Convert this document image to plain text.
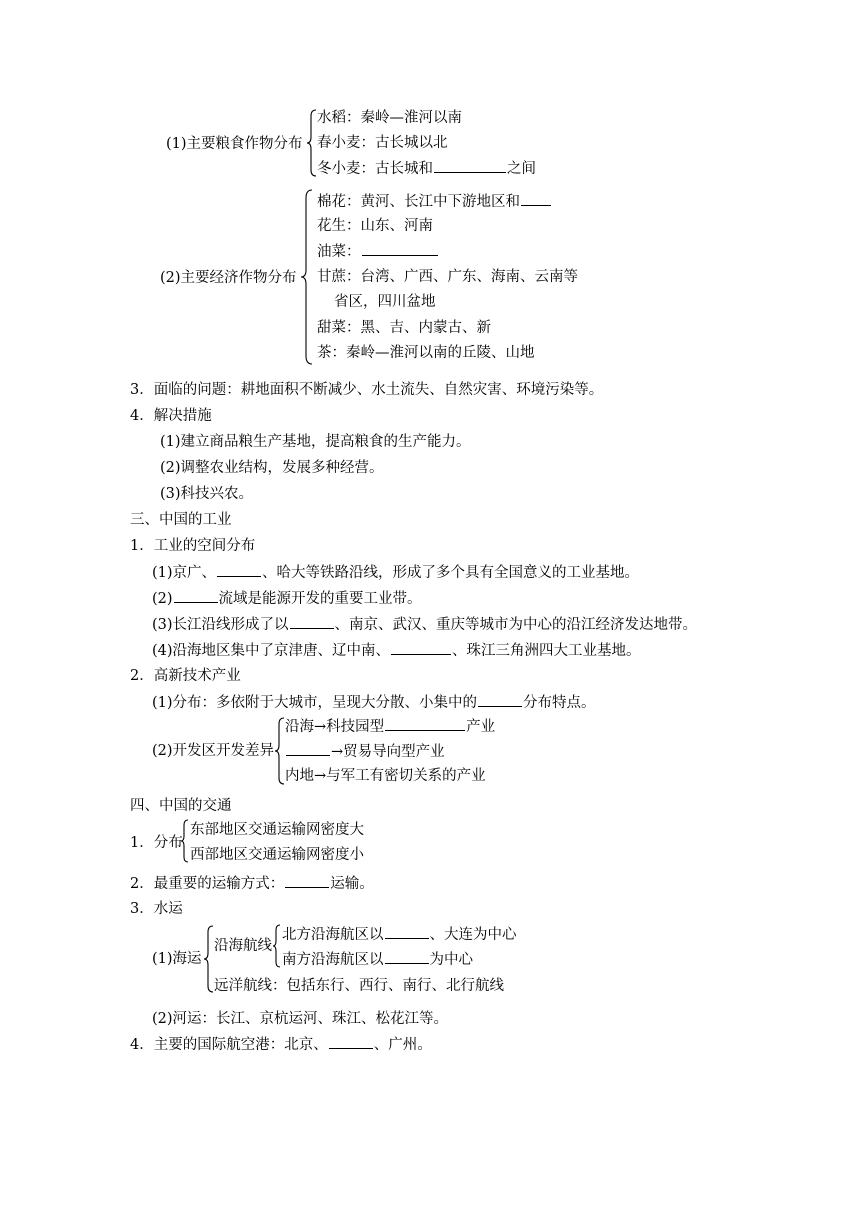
(1)主要粮食作物分布
水稻：秦岭—淮河以南
春小麦：古长城以北
冬小麦：古长城和	之间
(2)主要经济作物分布
棉花：黄河、长江中下游地区和
花生：山东、河南
油菜：
甘蔗：台湾、广西、广东、海南、云南等
省区，四川盆地
甜菜：黑、吉、内蒙古、新
茶：秦岭—淮河以南的丘陵、山地
3．面临的问题：耕地面积不断减少、水土流失、自然灾害、环境污染等。
4．解决措施
(1)建立商品粮生产基地，提高粮食的生产能力。
(2)调整农业结构，发展多种经营。
(3)科技兴农。
三、中国的工业
1．工业的空间分布
(1)京广、	、哈大等铁路沿线，形成了多个具有全国意义的工业基地。
(2)	流域是能源开发的重要工业带。
(3)长江沿线形成了以	、南京、武汉、重庆等城市为中心的沿江经济发达地带。
(4)沿海地区集中了京津唐、辽中南、	、珠江三角洲四大工业基地。
2．高新技术产业
(1)分布：多依附于大城市，呈现大分散、小集中的	分布特点。
(2)开发区开发差异
沿海→科技园型	产业
→贸易导向型产业
内地→与军工有密切关系的产业
四、中国的交通
1．分布
东部地区交通运输网密度大
西部地区交通运输网密度小
2．最重要的运输方式：	运输。
3．水运
(1)海运
沿海航线
北方沿海航区以	、大连为中心
南方沿海航区以	为中心
远洋航线：包括东行、西行、南行、北行航线
(2)河运：长江、京杭运河、珠江、松花江等。
4．主要的国际航空港：北京、	、广州。
